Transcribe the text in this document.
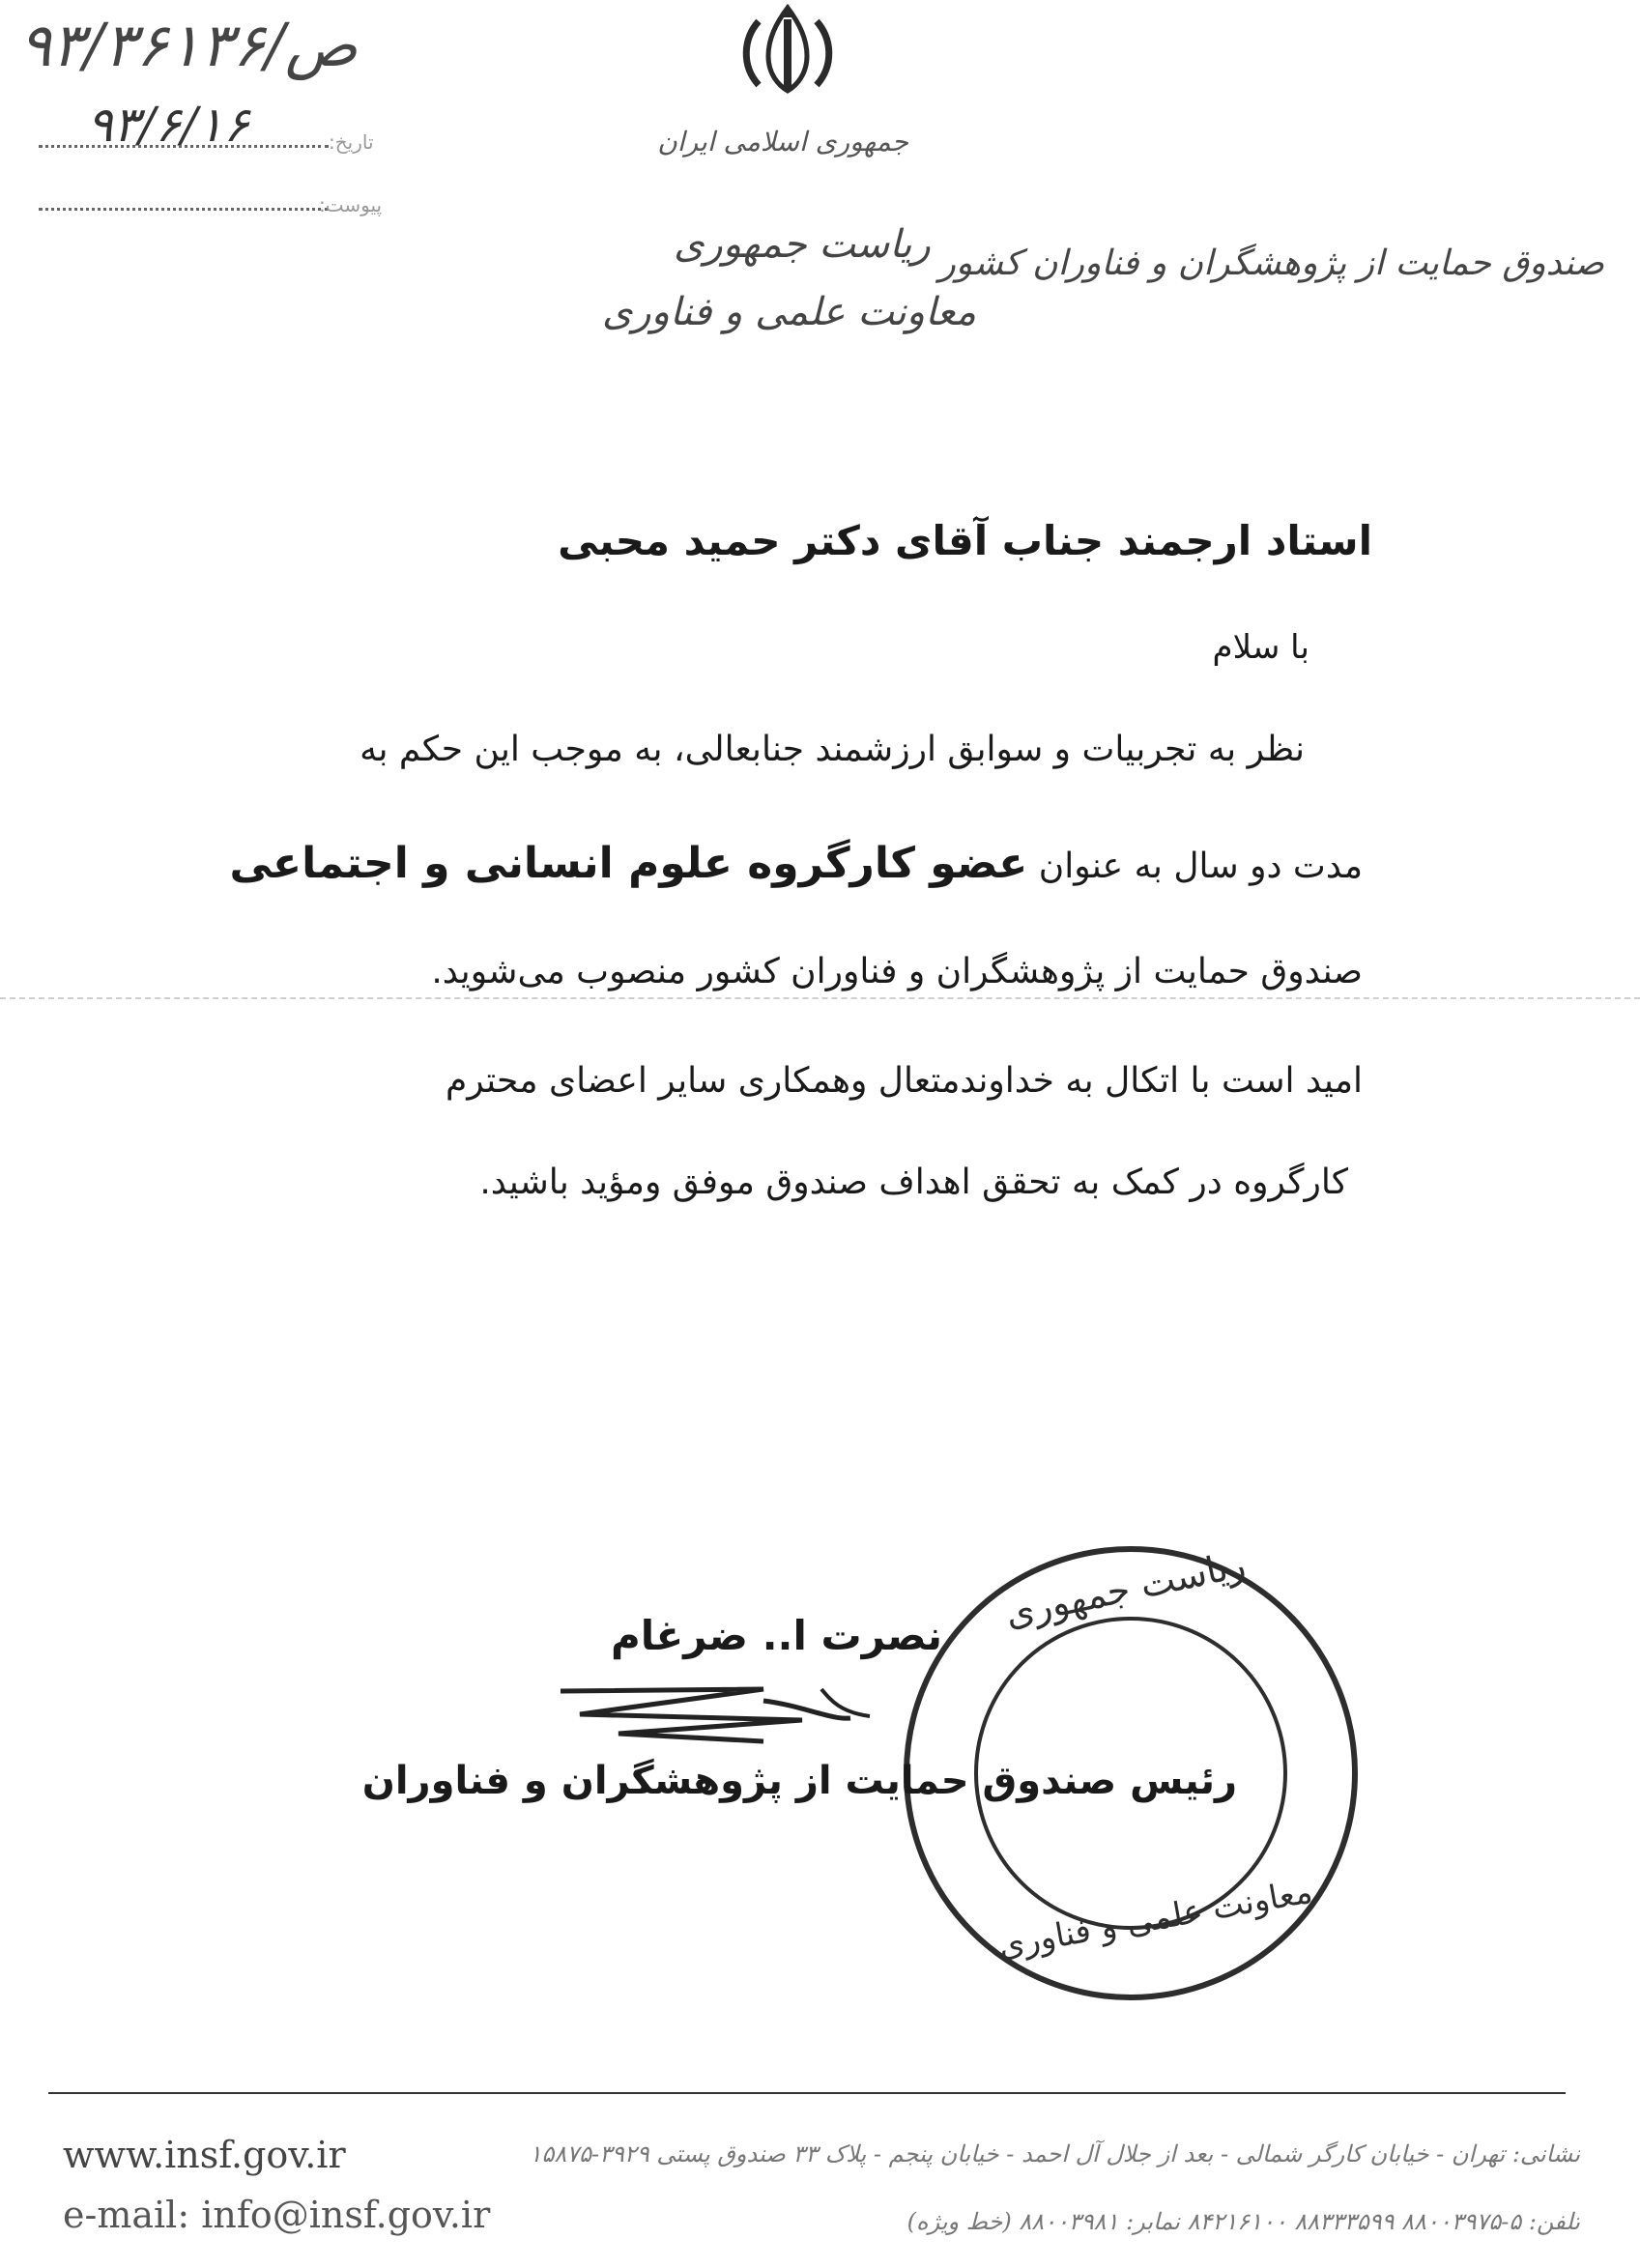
۹۳/ص/۳۶۱۳۶
۹۳/۶/۱۶	تاریخ:
پیوست:
جمهوری اسلامی ایران
صندوق حمایت از پژوهشگران و فناوران کشور
ریاست جمهوری
معاونت علمی و فناوری
استاد ارجمند جناب آقای دکتر حمید محبی
با سلام
نظر به تجربیات و سوابق ارزشمند جنابعالی، به موجب این حکم به
مدت دو سال به عنوان عضو کارگروه علوم انسانی و اجتماعی
صندوق حمایت از پژوهشگران و فناوران کشور منصوب می‌شوید.
امید است با اتکال به خداوندمتعال وهمکاری سایر اعضای محترم
کارگروه در کمک به تحقق اهداف صندوق موفق ومؤید باشید.
ریاست جمهوری
معاونت علمی و فناوری
نصرت ا.. ضرغام
رئیس صندوق حمایت از پژوهشگران و فناوران
www.insf.gov.ir
e-mail: info@insf.gov.ir
نشانی: تهران - خیابان کارگر شمالی - بعد از جلال آل احمد - خیابان پنجم - پلاک ۳۳ صندوق پستی ۳۹۲۹-۱۵۸۷۵
تلفن: ۵-۸۸۰۰۳۹۷۵ ۸۸۳۳۳۵۹۹ ۸۴۲۱۶۱۰۰ نمابر: ۸۸۰۰۳۹۸۱ (خط ویژه)
